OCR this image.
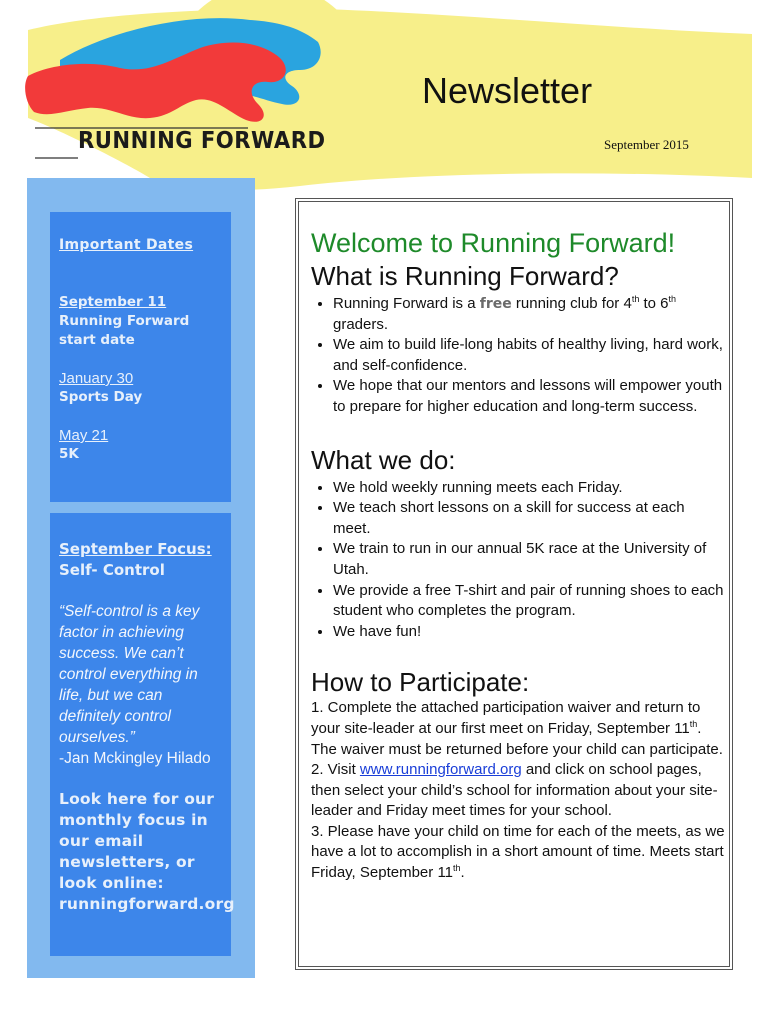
RUNNING FORWARD
Newsletter
September 2015
Important Dates
September 11
Running Forward start date
January 30
Sports Day
May 21
5K
September Focus:
Self- Control
“Self-control is a key factor in achieving success. We can’t control everything in life, but we can definitely control ourselves.”
-Jan Mckingley Hilado
Look here for our monthly focus in our email newsletters, or look online: runningforward.org
Welcome to Running Forward!
What is Running Forward?
• Running Forward is a free running club for 4th to 6th graders.
• We aim to build life-long habits of healthy living, hard work, and self-confidence.
• We hope that our mentors and lessons will empower youth to prepare for higher education and long-term success.
What we do:
• We hold weekly running meets each Friday.
• We teach short lessons on a skill for success at each meet.
• We train to run in our annual 5K race at the University of Utah.
• We provide a free T-shirt and pair of running shoes to each student who completes the program.
• We have fun!
How to Participate:

1. Complete the attached participation waiver and return to your site-leader at our first meet on Friday, September 11th. The waiver must be returned before your child can participate.

2. Visit www.runningforward.org and click on school pages, then select your child’s school for information about your site-leader and Friday meet times for your school.

3. Please have your child on time for each of the meets, as we have a lot to accomplish in a short amount of time. Meets start Friday, September 11th.
